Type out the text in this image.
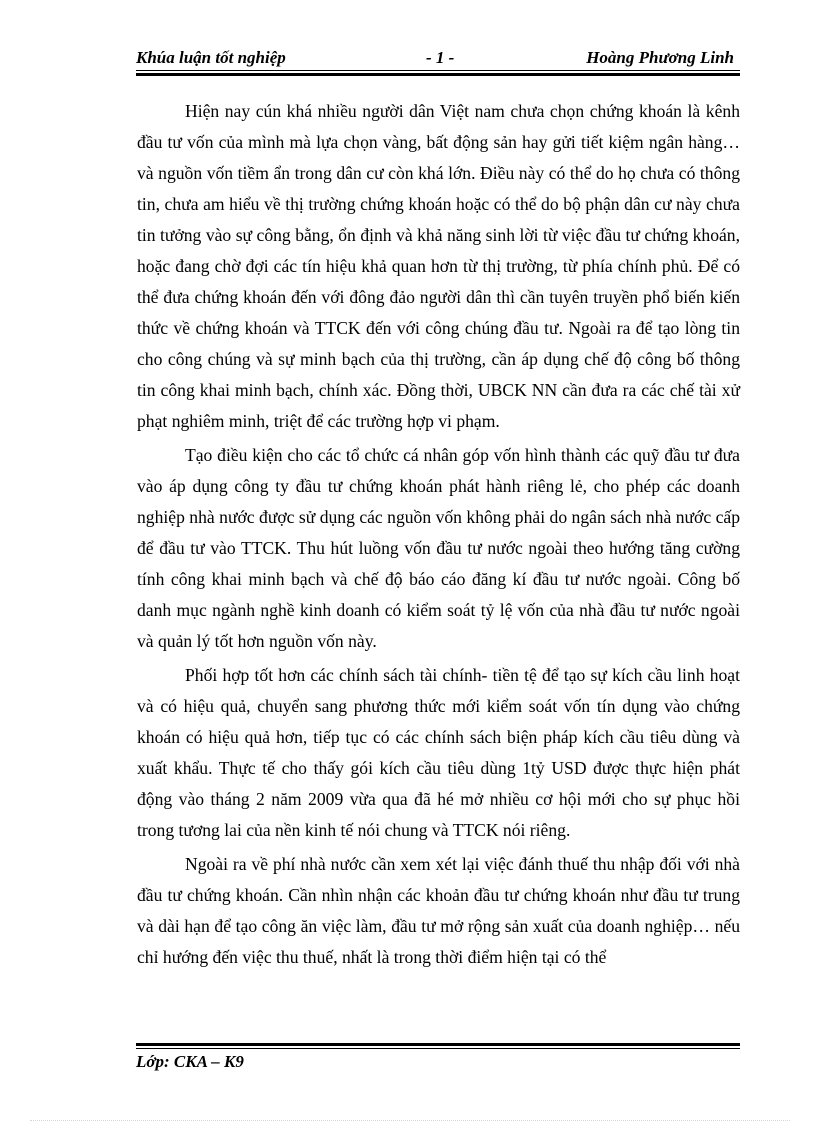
Khúa luận tốt nghiệp	- 1 -	Hoàng Phương Linh

Hiện nay cún khá nhiều người dân Việt nam chưa chọn chứng khoán là kênh đầu tư vốn của mình mà lựa chọn vàng, bất động sản hay gửi tiết kiệm ngân hàng…và nguồn vốn tiềm ẩn trong dân cư còn khá lớn. Điều này có thể do họ chưa có thông tin, chưa am hiểu về thị trường chứng khoán hoặc có thể do bộ phận dân cư này chưa tin tưởng vào sự công bằng, ổn định và khả năng sinh lời từ việc đầu tư chứng khoán, hoặc đang chờ đợi các tín hiệu khả quan hơn từ thị trường, từ phía chính phủ. Để có thể đưa chứng khoán đến với đông đảo người dân thì cần tuyên truyền phổ biến kiến thức về chứng khoán và TTCK đến với công chúng đầu tư. Ngoài ra để tạo lòng tin cho công chúng và sự minh bạch của thị trường, cần áp dụng chế độ công bố thông tin công khai minh bạch, chính xác. Đồng thời, UBCK NN cần đưa ra các chế tài xử phạt nghiêm minh, triệt để các trường hợp vi phạm.

Tạo điều kiện cho các tổ chức cá nhân góp vốn hình thành các quỹ đầu tư đưa vào áp dụng công ty đầu tư chứng khoán phát hành riêng lẻ, cho phép các doanh nghiệp nhà nước được sử dụng các nguồn vốn không phải do ngân sách nhà nước cấp để đầu tư vào TTCK. Thu hút luồng vốn đầu tư nước ngoài theo hướng tăng cường tính công khai minh bạch và chế độ báo cáo đăng kí đầu tư nước ngoài. Công bố danh mục ngành nghề kinh doanh có kiểm soát tỷ lệ vốn của nhà đầu tư nước ngoài và quản lý tốt hơn nguồn vốn này.

Phối hợp tốt hơn các chính sách tài chính- tiền tệ để tạo sự kích cầu linh hoạt và có hiệu quả, chuyển sang phương thức mới kiểm soát vốn tín dụng vào chứng khoán có hiệu quả hơn, tiếp tục có các chính sách biện pháp kích cầu tiêu dùng và xuất khẩu. Thực tế cho thấy gói kích cầu tiêu dùng 1tỷ USD được thực hiện phát động vào tháng 2 năm 2009 vừa qua đã hé mở nhiều cơ hội mới cho sự phục hồi trong tương lai của nền kinh tế nói chung và TTCK nói riêng.

Ngoài ra về phí nhà nước cần xem xét lại việc đánh thuế thu nhập đối với nhà đầu tư chứng khoán. Cần nhìn nhận các khoản đầu tư chứng khoán như đầu tư trung và dài hạn để tạo công ăn việc làm, đầu tư mở rộng sản xuất của doanh nghiệp… nếu chỉ hướng đến việc thu thuế, nhất là trong thời điểm hiện tại có thể

Lớp: CKA – K9
